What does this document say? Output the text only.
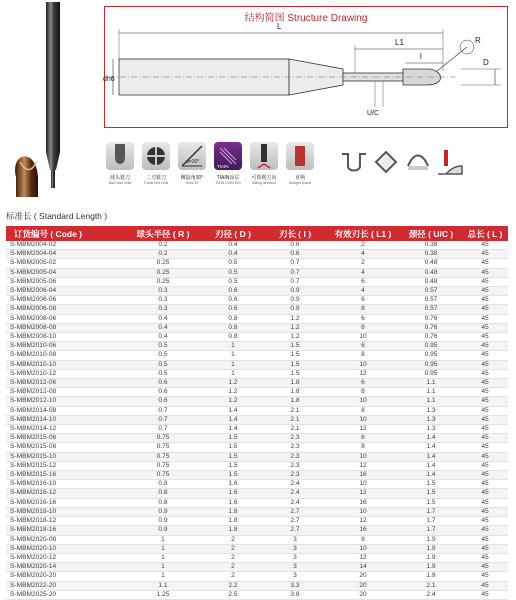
结构简图 Structure Drawing
L
L1
l
R
D
dh6
U/C
球头铣刀
Ball nose mills
二刃铣刀
2-flute end mills
α=30°
螺旋角30°
Helix 30
TIAIN
TIAIN涂层
TIAIN COATING
可铣削方向
Milling direction
直柄
Straight shank
标准长 ( Standard Length )
订货编号 ( Code )	球头半径 ( R )	刃径 ( D )	刃长 ( l )	有效刃长 ( L1 )	颈径 ( U/C )	总长 ( L )
S-MBM2004-02	0.2	0.4	0.6	2	0.38	45
S-MBM2004-04	0.2	0.4	0.6	4	0.38	45
S-MBM2005-02	0.25	0.5	0.7	2	0.48	45
S-MBM2005-04	0.25	0.5	0.7	4	0.48	45
S-MBM2005-06	0.25	0.5	0.7	6	0.48	45
S-MBM2006-04	0.3	0.6	0.9	4	0.57	45
S-MBM2006-06	0.3	0.6	0.9	6	0.57	45
S-MBM2006-08	0.3	0.6	0.9	8	0.57	45
S-MBM2008-06	0.4	0.8	1.2	6	0.76	45
S-MBM2008-08	0.4	0.8	1.2	8	0.76	45
S-MBM2008-10	0.4	0.8	1.2	10	0.76	45
S-MBM2010-06	0.5	1	1.5	6	0.95	45
S-MBM2010-08	0.5	1	1.5	8	0.95	45
S-MBM2010-10	0.5	1	1.5	10	0.95	45
S-MBM2010-12	0.5	1	1.5	12	0.95	45
S-MBM2012-06	0.6	1.2	1.8	6	1.1	45
S-MBM2012-08	0.6	1.2	1.8	8	1.1	45
S-MBM2012-10	0.6	1.2	1.8	10	1.1	45
S-MBM2014-08	0.7	1.4	2.1	8	1.3	45
S-MBM2014-10	0.7	1.4	2.1	10	1.3	45
S-MBM2014-12	0.7	1.4	2.1	12	1.3	45
S-MBM2015-06	0.75	1.5	2.3	6	1.4	45
S-MBM2015-08	0.75	1.5	2.3	8	1.4	45
S-MBM2015-10	0.75	1.5	2.3	10	1.4	45
S-MBM2015-12	0.75	1.5	2.3	12	1.4	45
S-MBM2015-16	0.75	1.5	2.3	16	1.4	45
S-MBM2016-10	0.8	1.6	2.4	10	1.5	45
S-MBM2016-12	0.8	1.6	2.4	12	1.5	45
S-MBM2016-16	0.8	1.6	2.4	16	1.5	45
S-MBM2018-10	0.9	1.8	2.7	10	1.7	45
S-MBM2018-12	0.9	1.8	2.7	12	1.7	45
S-MBM2018-16	0.9	1.8	2.7	16	1.7	45
S-MBM2020-08	1	2	3	8	1.9	45
S-MBM2020-10	1	2	3	10	1.9	45
S-MBM2020-12	1	2	3	12	1.9	45
S-MBM2020-14	1	2	3	14	1.9	45
S-MBM2020-20	1	2	3	20	1.9	45
S-MBM2022-20	1.1	2.2	3.3	20	2.1	45
S-MBM2025-20	1.25	2.5	3.8	20	2.4	45
